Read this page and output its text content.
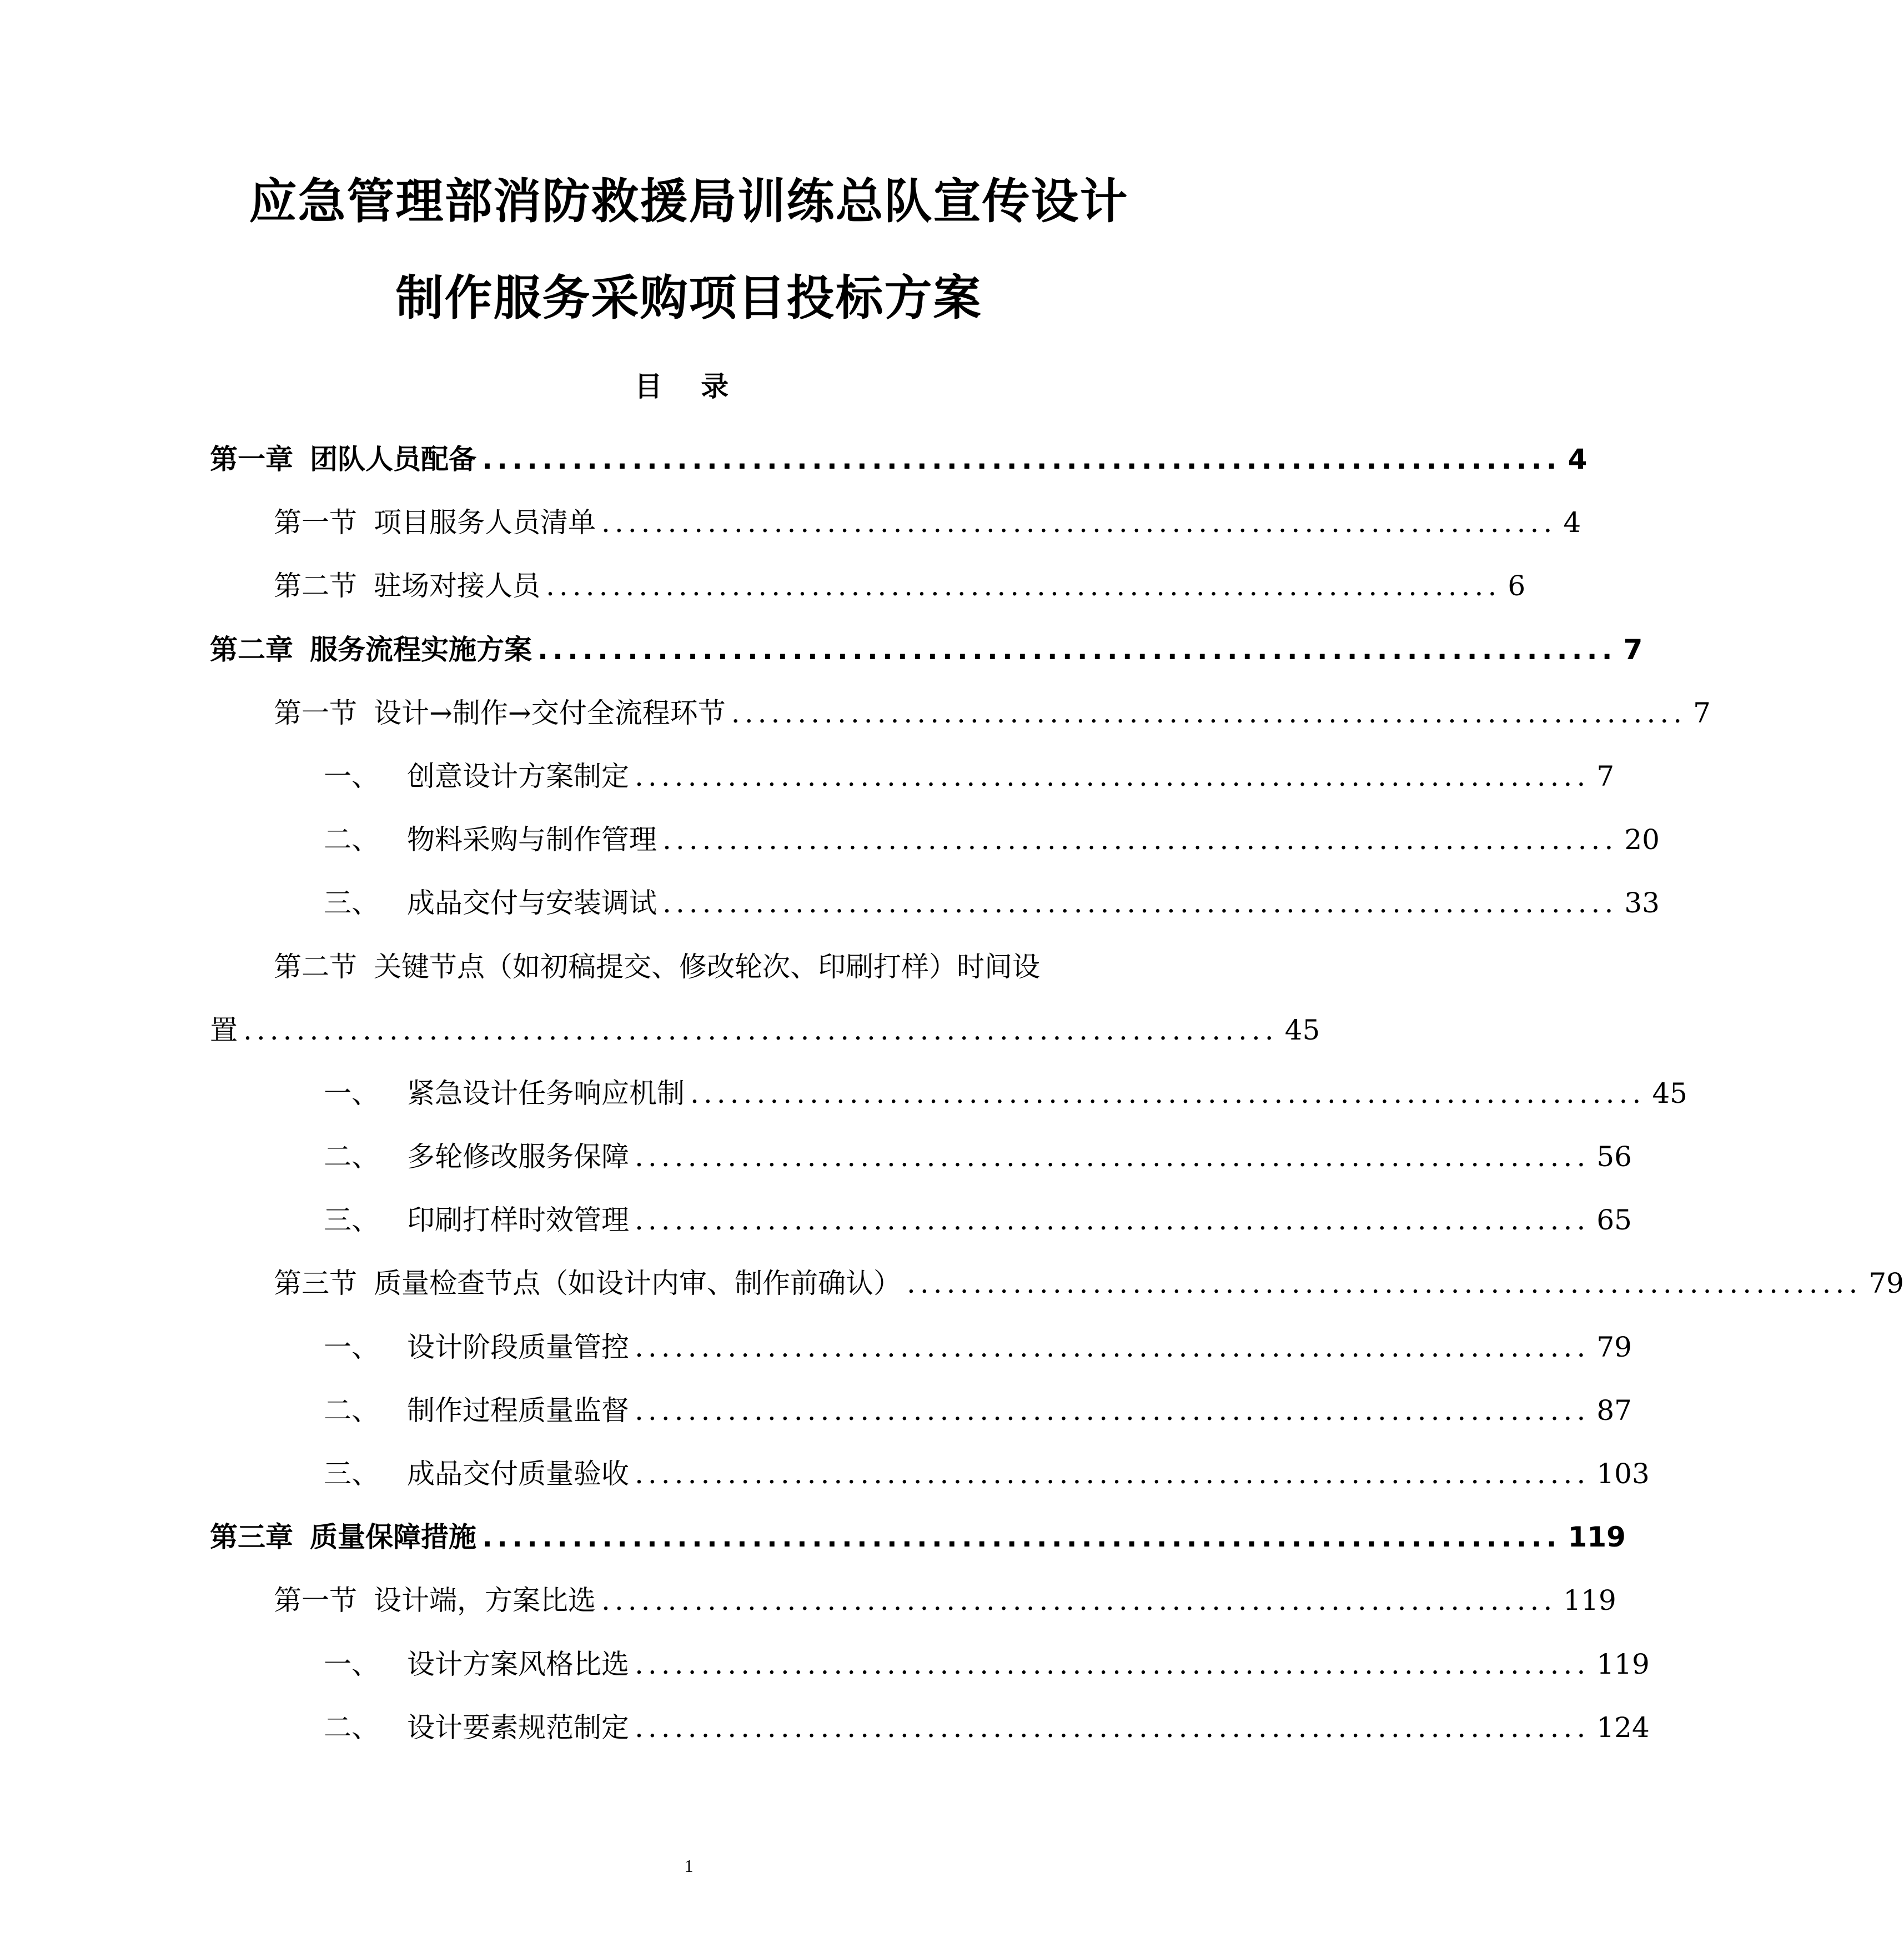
应急管理部消防救援局训练总队宣传设计
制作服务采购项目投标方案
目 录
第一章 团队人员配备 ........................................................................ 4
第一节 项目服务人员清单 ........................................................................ 4
第二节 驻场对接人员 ........................................................................ 6
第二章 服务流程实施方案 ........................................................................ 7
第一节 设计→制作→交付全流程环节 ........................................................................ 7
一、 创意设计方案制定 ........................................................................ 7
二、 物料采购与制作管理 ........................................................................ 20
三、 成品交付与安装调试 ........................................................................ 33
第二节 关键节点（如初稿提交、修改轮次、印刷打样）时间设
置 .............................................................................. 45
一、 紧急设计任务响应机制 ........................................................................ 45
二、 多轮修改服务保障 ........................................................................ 56
三、 印刷打样时效管理 ........................................................................ 65
第三节 质量检查节点（如设计内审、制作前确认） ........................................................................ 79
一、 设计阶段质量管控 ........................................................................ 79
二、 制作过程质量监督 ........................................................................ 87
三、 成品交付质量验收 ........................................................................ 103
第三章 质量保障措施 ........................................................................ 119
第一节 设计端，方案比选 ........................................................................ 119
一、 设计方案风格比选 ........................................................................ 119
二、 设计要素规范制定 ........................................................................ 124
1
